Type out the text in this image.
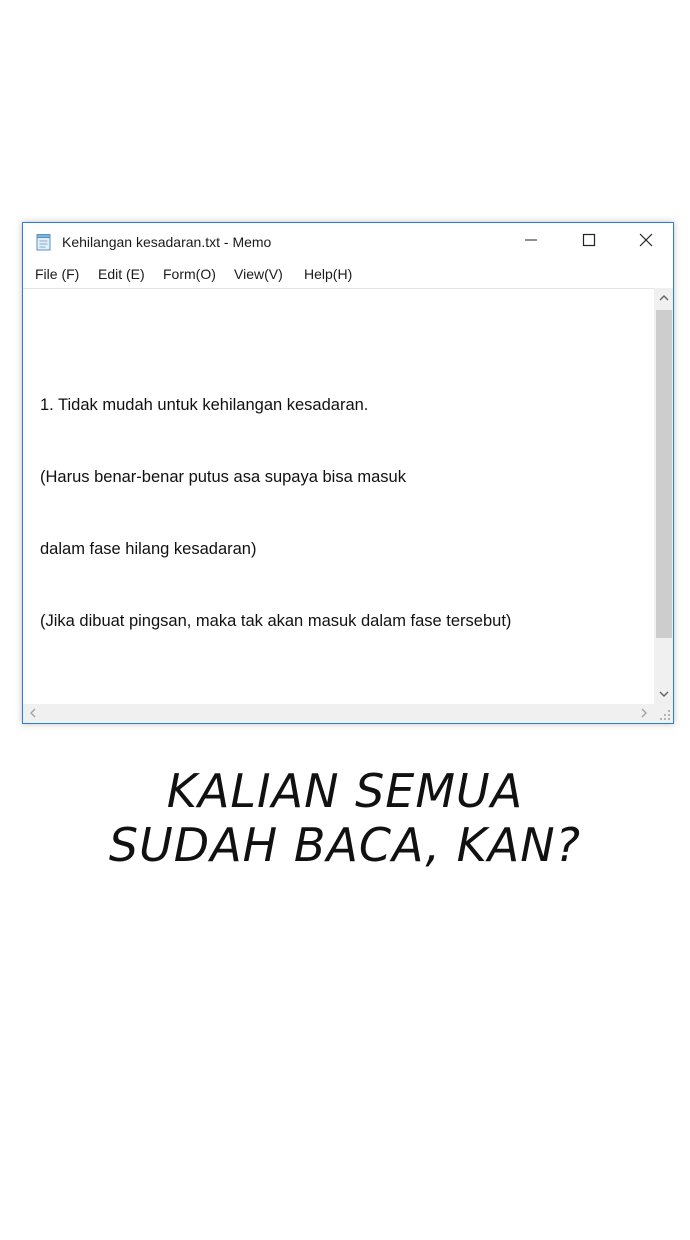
Kehilangan kesadaran.txt - Memo
File (F) Edit (E) Form(O) View(V) Help(H)

1. Tidak mudah untuk kehilangan kesadaran.

(Harus benar-benar putus asa supaya bisa masuk

dalam fase hilang kesadaran)

(Jika dibuat pingsan, maka tak akan masuk dalam fase tersebut)

KALIAN SEMUA
SUDAH BACA, KAN?
